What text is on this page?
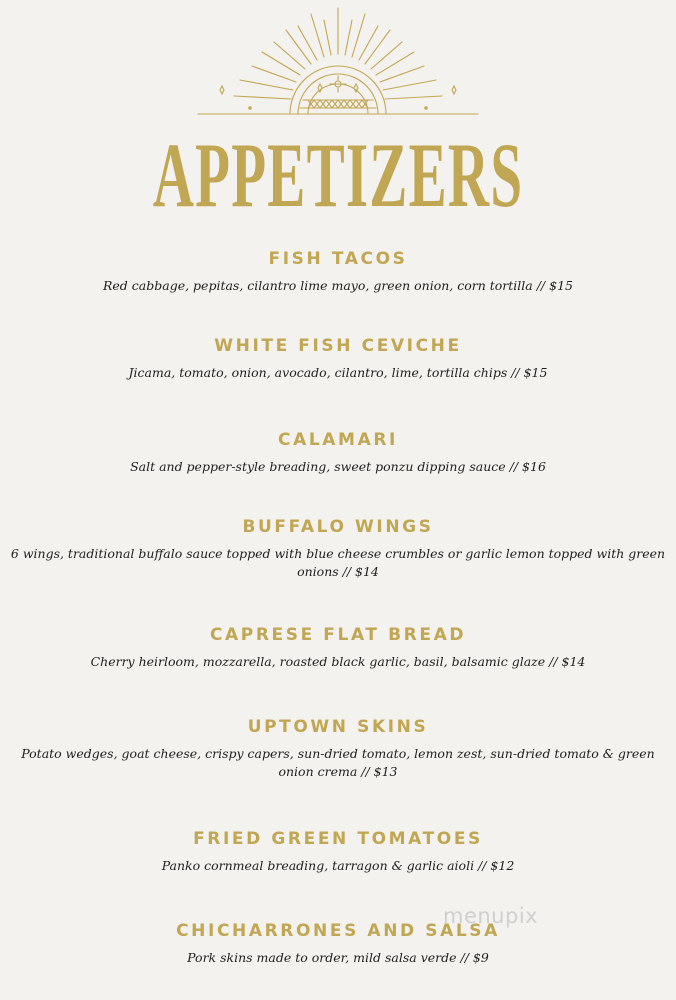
APPETIZERS

FISH TACOS

Red cabbage, pepitas, cilantro lime mayo, green onion, corn tortilla // $15

WHITE FISH CEVICHE

Jicama, tomato, onion, avocado, cilantro, lime, tortilla chips // $15

CALAMARI

Salt and pepper-style breading, sweet ponzu dipping sauce // $16

BUFFALO WINGS

6 wings, traditional buffalo sauce topped with blue cheese crumbles or garlic lemon topped with green onions // $14

CAPRESE FLAT BREAD

Cherry heirloom, mozzarella, roasted black garlic, basil, balsamic glaze // $14

UPTOWN SKINS

Potato wedges, goat cheese, crispy capers, sun-dried tomato, lemon zest, sun-dried tomato & green onion crema // $13

FRIED GREEN TOMATOES

Panko cornmeal breading, tarragon & garlic aioli // $12

CHICHARRONES AND SALSA

Pork skins made to order, mild salsa verde // $9

menupix
